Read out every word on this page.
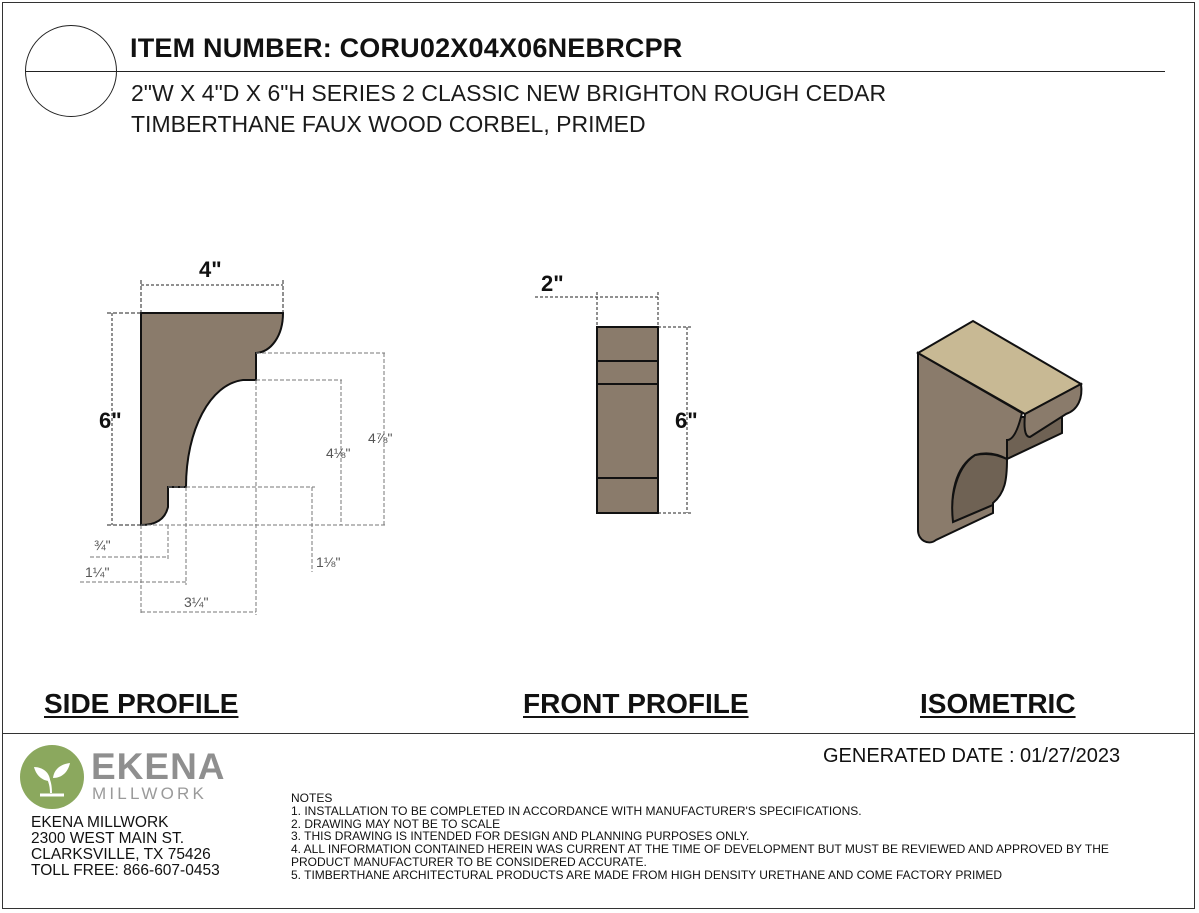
ITEM NUMBER: CORU02X04X06NEBRCPR
2"W X 4"D X 6"H SERIES 2 CLASSIC NEW BRIGHTON ROUGH CEDAR
TIMBERTHANE FAUX WOOD CORBEL, PRIMED
4"
6"
4⅛"
4⅞"
¾"
1¼"
3¼"
1⅛"
2"
6"
SIDE PROFILE	FRONT PROFILE	ISOMETRIC
GENERATED DATE : 01/27/2023
EKENA
MILLWORK
EKENA MILLWORK
2300 WEST MAIN ST.
CLARKSVILLE, TX 75426
TOLL FREE: 866-607-0453
NOTES
1. INSTALLATION TO BE COMPLETED IN ACCORDANCE WITH MANUFACTURER'S SPECIFICATIONS.
2. DRAWING MAY NOT BE TO SCALE
3. THIS DRAWING IS INTENDED FOR DESIGN AND PLANNING PURPOSES ONLY.
4. ALL INFORMATION CONTAINED HEREIN WAS CURRENT AT THE TIME OF DEVELOPMENT BUT MUST BE REVIEWED AND APPROVED BY THE
PRODUCT MANUFACTURER TO BE CONSIDERED ACCURATE.
5. TIMBERTHANE ARCHITECTURAL PRODUCTS ARE MADE FROM HIGH DENSITY URETHANE AND COME FACTORY PRIMED
